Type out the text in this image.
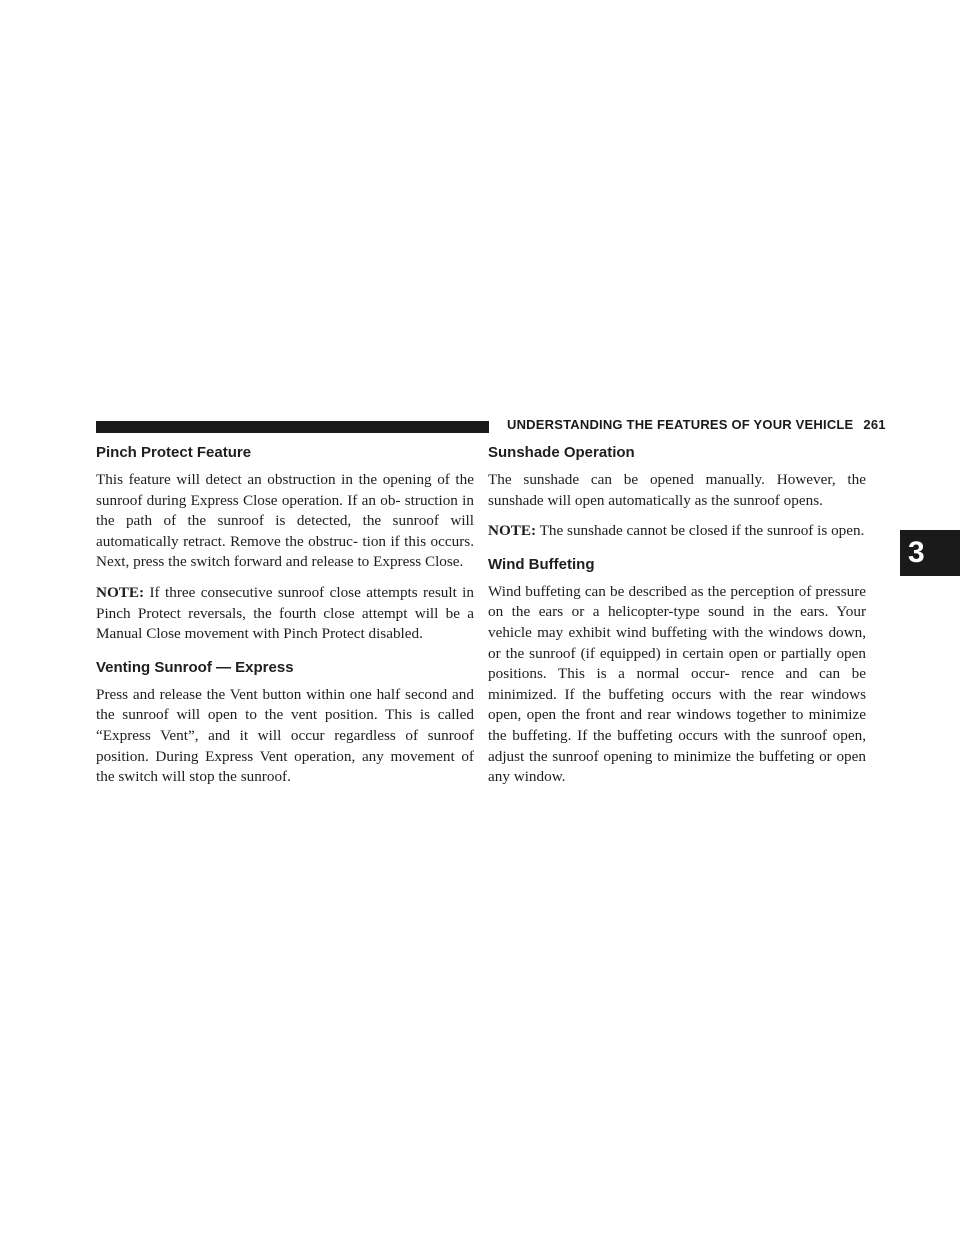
UNDERSTANDING THE FEATURES OF YOUR VEHICLE 261
Pinch Protect Feature

This feature will detect an obstruction in the opening of the sunroof during Express Close operation. If an ob- struction in the path of the sunroof is detected, the sunroof will automatically retract. Remove the obstruc- tion if this occurs. Next, press the switch forward and release to Express Close.

NOTE: If three consecutive sunroof close attempts result in Pinch Protect reversals, the fourth close attempt will be a Manual Close movement with Pinch Protect disabled.

Venting Sunroof — Express

Press and release the Vent button within one half second and the sunroof will open to the vent position. This is called “Express Vent”, and it will occur regardless of sunroof position. During Express Vent operation, any movement of the switch will stop the sunroof.

Sunshade Operation

The sunshade can be opened manually. However, the sunshade will open automatically as the sunroof opens.

NOTE: The sunshade cannot be closed if the sunroof is open.

Wind Buffeting

Wind buffeting can be described as the perception of pressure on the ears or a helicopter-type sound in the ears. Your vehicle may exhibit wind buffeting with the windows down, or the sunroof (if equipped) in certain open or partially open positions. This is a normal occur- rence and can be minimized. If the buffeting occurs with the rear windows open, open the front and rear windows together to minimize the buffeting. If the buffeting occurs with the sunroof open, adjust the sunroof opening to minimize the buffeting or open any window.

3
